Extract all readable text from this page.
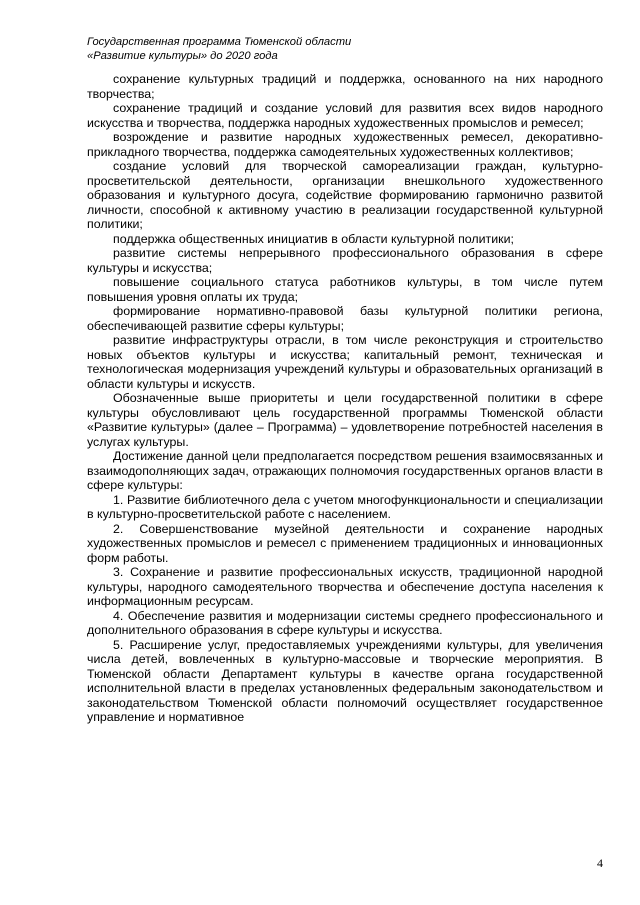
Государственная программа Тюменской области
«Развитие культуры» до 2020 года

сохранение культурных традиций и поддержка, основанного на них народного творчества;

сохранение традиций и создание условий для развития всех видов народного искусства и творчества, поддержка народных художественных промыслов и ремесел;

возрождение и развитие народных художественных ремесел, декоративно-прикладного творчества, поддержка самодеятельных художественных коллективов;

создание условий для творческой самореализации граждан, культурно-просветительской деятельности, организации внешкольного художественного образования и культурного досуга, содействие формированию гармонично развитой личности, способной к активному участию в реализации государственной культурной политики;

поддержка общественных инициатив в области культурной политики;

развитие системы непрерывного профессионального образования в сфере культуры и искусства;

повышение социального статуса работников культуры, в том числе путем повышения уровня оплаты их труда;

формирование нормативно-правовой базы культурной политики региона, обеспечивающей развитие сферы культуры;

развитие инфраструктуры отрасли, в том числе реконструкция и строительство новых объектов культуры и искусства; капитальный ремонт, техническая и технологическая модернизация учреждений культуры и образовательных организаций в области культуры и искусств.

Обозначенные выше приоритеты и цели государственной политики в сфере культуры обусловливают цель государственной программы Тюменской области «Развитие культуры» (далее – Программа) – удовлетворение потребностей населения в услугах культуры.

Достижение данной цели предполагается посредством решения взаимосвязанных и взаимодополняющих задач, отражающих полномочия государственных органов власти в сфере культуры:

1. Развитие библиотечного дела с учетом многофункциональности и специализации в культурно-просветительской работе с населением.

2. Совершенствование музейной деятельности и сохранение народных художественных промыслов и ремесел с применением традиционных и инновационных форм работы.

3. Сохранение и развитие профессиональных искусств, традиционной народной культуры, народного самодеятельного творчества и обеспечение доступа населения к информационным ресурсам.

4. Обеспечение развития и модернизации системы среднего профессионального и дополнительного образования в сфере культуры и искусства.

5. Расширение услуг, предоставляемых учреждениями культуры, для увеличения числа детей, вовлеченных в культурно-массовые и творческие мероприятия. В Тюменской области Департамент культуры в качестве органа государственной исполнительной власти в пределах установленных федеральным законодательством и законодательством Тюменской области полномочий осуществляет государственное управление и нормативное

4
